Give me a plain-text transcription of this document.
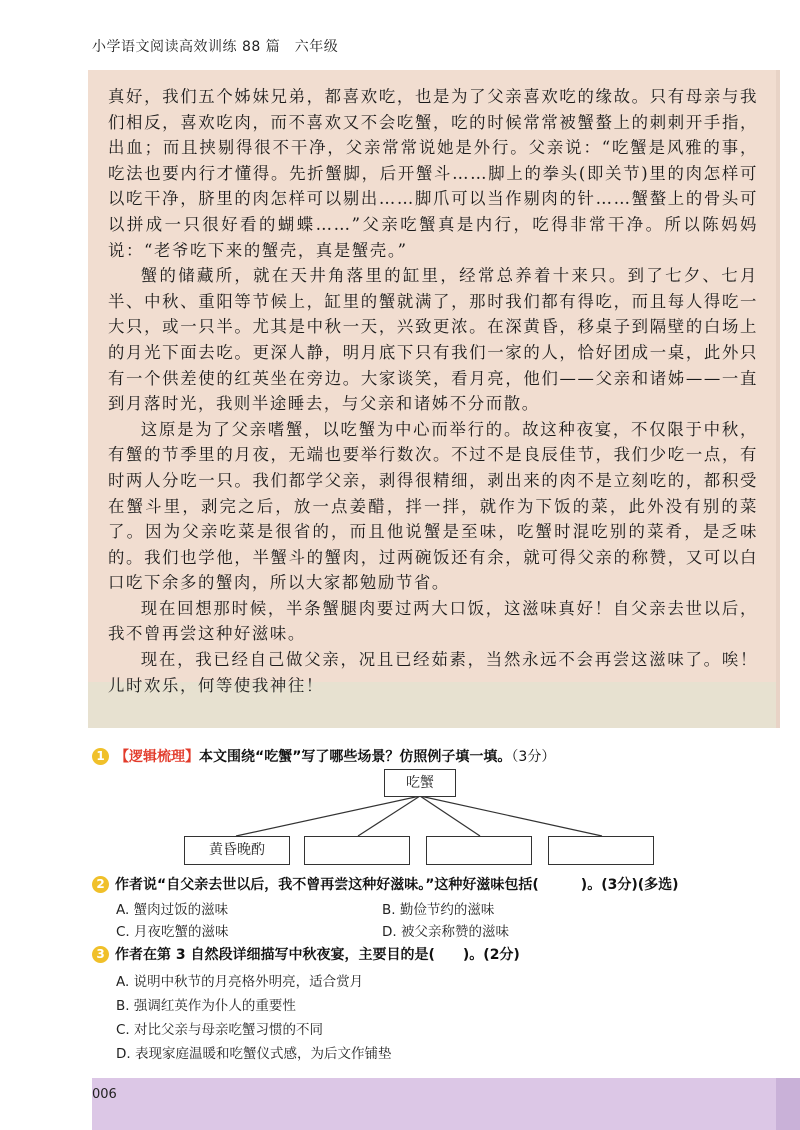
小学语文阅读高效训练 88 篇　六年级

真好，我们五个姊妹兄弟，都喜欢吃，也是为了父亲喜欢吃的缘故。只有母亲与我们相反，喜欢吃肉，而不喜欢又不会吃蟹，吃的时候常常被蟹螯上的刺刺开手指，出血；而且挟剔得很不干净，父亲常常说她是外行。父亲说：“吃蟹是风雅的事，吃法也要内行才懂得。先折蟹脚，后开蟹斗……脚上的拳头(即关节)里的肉怎样可以吃干净，脐里的肉怎样可以剔出……脚爪可以当作剔肉的针……蟹螯上的骨头可以拼成一只很好看的蝴蝶……”父亲吃蟹真是内行，吃得非常干净。所以陈妈妈说：“老爷吃下来的蟹壳，真是蟹壳。”

蟹的储藏所，就在天井角落里的缸里，经常总养着十来只。到了七夕、七月半、中秋、重阳等节候上，缸里的蟹就满了，那时我们都有得吃，而且每人得吃一大只，或一只半。尤其是中秋一天，兴致更浓。在深黄昏，移桌子到隔壁的白场上的月光下面去吃。更深人静，明月底下只有我们一家的人，恰好团成一桌，此外只有一个供差使的红英坐在旁边。大家谈笑，看月亮，他们——父亲和诸姊——一直到月落时光，我则半途睡去，与父亲和诸姊不分而散。

这原是为了父亲嗜蟹，以吃蟹为中心而举行的。故这种夜宴，不仅限于中秋，有蟹的节季里的月夜，无端也要举行数次。不过不是良辰佳节，我们少吃一点，有时两人分吃一只。我们都学父亲，剥得很精细，剥出来的肉不是立刻吃的，都积受在蟹斗里，剥完之后，放一点姜醋，拌一拌，就作为下饭的菜，此外没有别的菜了。因为父亲吃菜是很省的，而且他说蟹是至味，吃蟹时混吃别的菜肴，是乏味的。我们也学他，半蟹斗的蟹肉，过两碗饭还有余，就可得父亲的称赞，又可以白口吃下余多的蟹肉，所以大家都勉励节省。

现在回想那时候，半条蟹腿肉要过两大口饭，这滋味真好！自父亲去世以后，我不曾再尝这种好滋味。

现在，我已经自己做父亲，况且已经茹素，当然永远不会再尝这滋味了。唉！儿时欢乐，何等使我神往！

1 【逻辑梳理】本文围绕“吃蟹”写了哪些场景？仿照例子填一填。（3分）
吃蟹
黄昏晚酌
2 作者说“自父亲去世以后，我不曾再尝这种好滋味。”这种好滋味包括(　　　)。(3分)(多选)
A. 蟹肉过饭的滋味	B. 勤俭节约的滋味
C. 月夜吃蟹的滋味	D. 被父亲称赞的滋味
3 作者在第 3 自然段详细描写中秋夜宴，主要目的是(　　)。(2分)
A. 说明中秋节的月亮格外明亮，适合赏月
B. 强调红英作为仆人的重要性
C. 对比父亲与母亲吃蟹习惯的不同
D. 表现家庭温暖和吃蟹仪式感，为后文作铺垫
006
